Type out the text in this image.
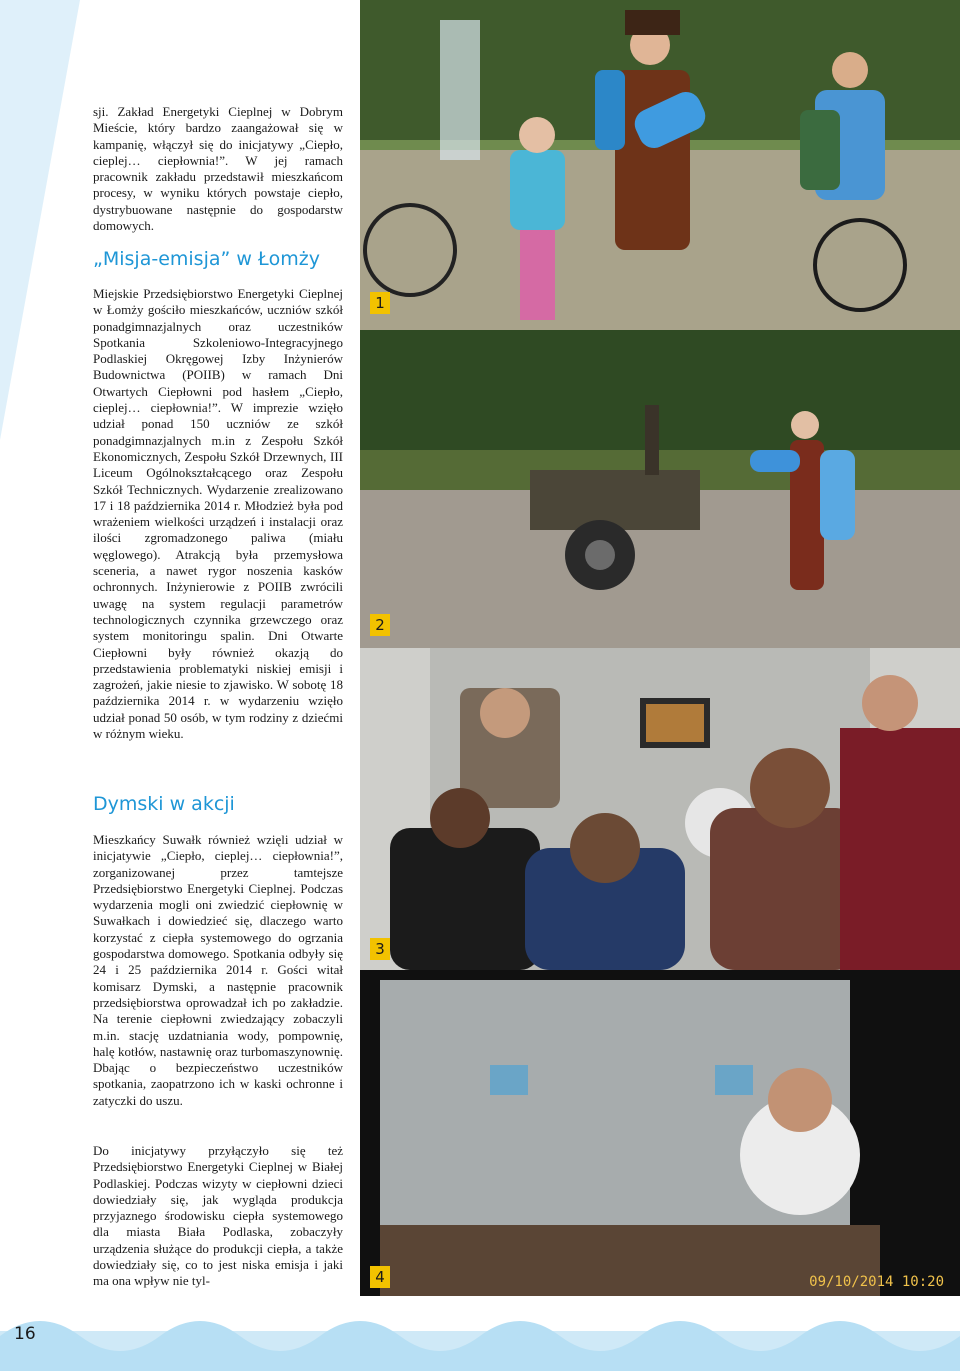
sji. Zakład Energetyki Cieplnej w Dobrym Mieście, który bardzo zaangażował się w kampanię, włączył się do inicjatywy „Ciepło, cieplej… ciepłownia!”. W jej ramach pracownik zakładu przedstawił mieszkańcom procesy, w wyniku których powstaje ciepło, dystrybuowane następnie do gospodarstw domowych.

„Misja-emisja” w Łomży

Miejskie Przedsiębiorstwo Energetyki Cieplnej w Łomży gościło mieszkańców, uczniów szkół ponadgimnazjalnych oraz uczestników Spotkania Szkoleniowo-Integracyjnego Podlaskiej Okręgowej Izby Inżynierów Budownictwa (POIIB) w ramach Dni Otwartych Ciepłowni pod hasłem „Ciepło, cieplej… ciepłownia!”. W imprezie wzięło udział ponad 150 uczniów ze szkół ponadgimnazjalnych m.in z Zespołu Szkół Ekonomicznych, Zespołu Szkół Drzewnych, III Liceum Ogólnokształcącego oraz Zespołu Szkół Technicznych. Wydarzenie zrealizowano 17 i 18 października 2014 r. Młodzież była pod wrażeniem wielkości urządzeń i instalacji oraz ilości zgromadzonego paliwa (miału węglowego). Atrakcją była przemysłowa sceneria, a nawet rygor noszenia kasków ochronnych. Inżynierowie z POIIB zwrócili uwagę na system regulacji parametrów technologicznych czynnika grzewczego oraz system monitoringu spalin. Dni Otwarte Ciepłowni były również okazją do przedstawienia problematyki niskiej emisji i zagrożeń, jakie niesie to zjawisko. W sobotę 18 października 2014 r. w wydarzeniu wzięło udział ponad 50 osób, w tym rodziny z dziećmi w różnym wieku.

Dymski w akcji

Mieszkańcy Suwałk również wzięli udział w inicjatywie „Ciepło, cieplej… ciepłownia!”, zorganizowanej przez tamtejsze Przedsiębiorstwo Energetyki Cieplnej. Podczas wydarzenia mogli oni zwiedzić ciepłownię w Suwałkach i dowiedzieć się, dlaczego warto korzystać z ciepła systemowego do ogrzania gospodarstwa domowego. Spotkania odbyły się 24 i 25 października 2014 r. Gości witał komisarz Dymski, a następnie pracownik przedsiębiorstwa oprowadzał ich po zakładzie. Na terenie ciepłowni zwiedzający zobaczyli m.in. stację uzdatniania wody, pompownię, halę kotłów, nastawnię oraz turbomaszynownię. Dbając o bezpieczeństwo uczestników spotkania, zaopatrzono ich w kaski ochronne i zatyczki do uszu.

Do inicjatywy przyłączyło się też Przedsiębiorstwo Energetyki Cieplnej w Białej Podlaskiej. Podczas wizyty w ciepłowni dzieci dowiedziały się, jak wygląda produkcja przyjaznego środowisku ciepła systemowego dla miasta Biała Podlaska, zobaczyły urządzenia służące do produkcji ciepła, a także dowiedziały się, co to jest niska emisja i jaki ma ona wpływ nie tyl-

1
2
3
09/10/2014 10:20
4
16
